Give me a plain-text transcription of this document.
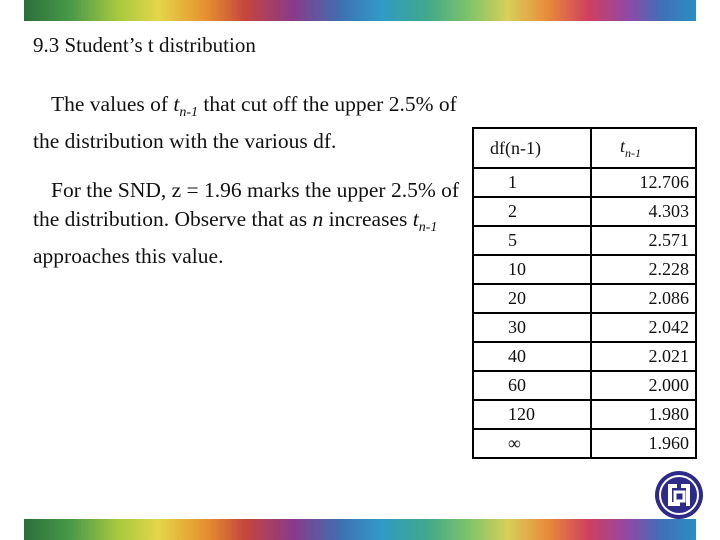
9.3 Student’s t distribution
The values of $t_{n-1}$ that cut off the upper 2.5% of the distribution with the various df.
For the SND, z = 1.96 marks the upper 2.5% of the distribution. Observe that as n increases $t_{n-1}$ approaches this value.
df(n-1)	$t_{n-1}$
1	12.706
2	4.303
5	2.571
10	2.228
20	2.086
30	2.042
40	2.021
60	2.000
120	1.980
∞	1.960
